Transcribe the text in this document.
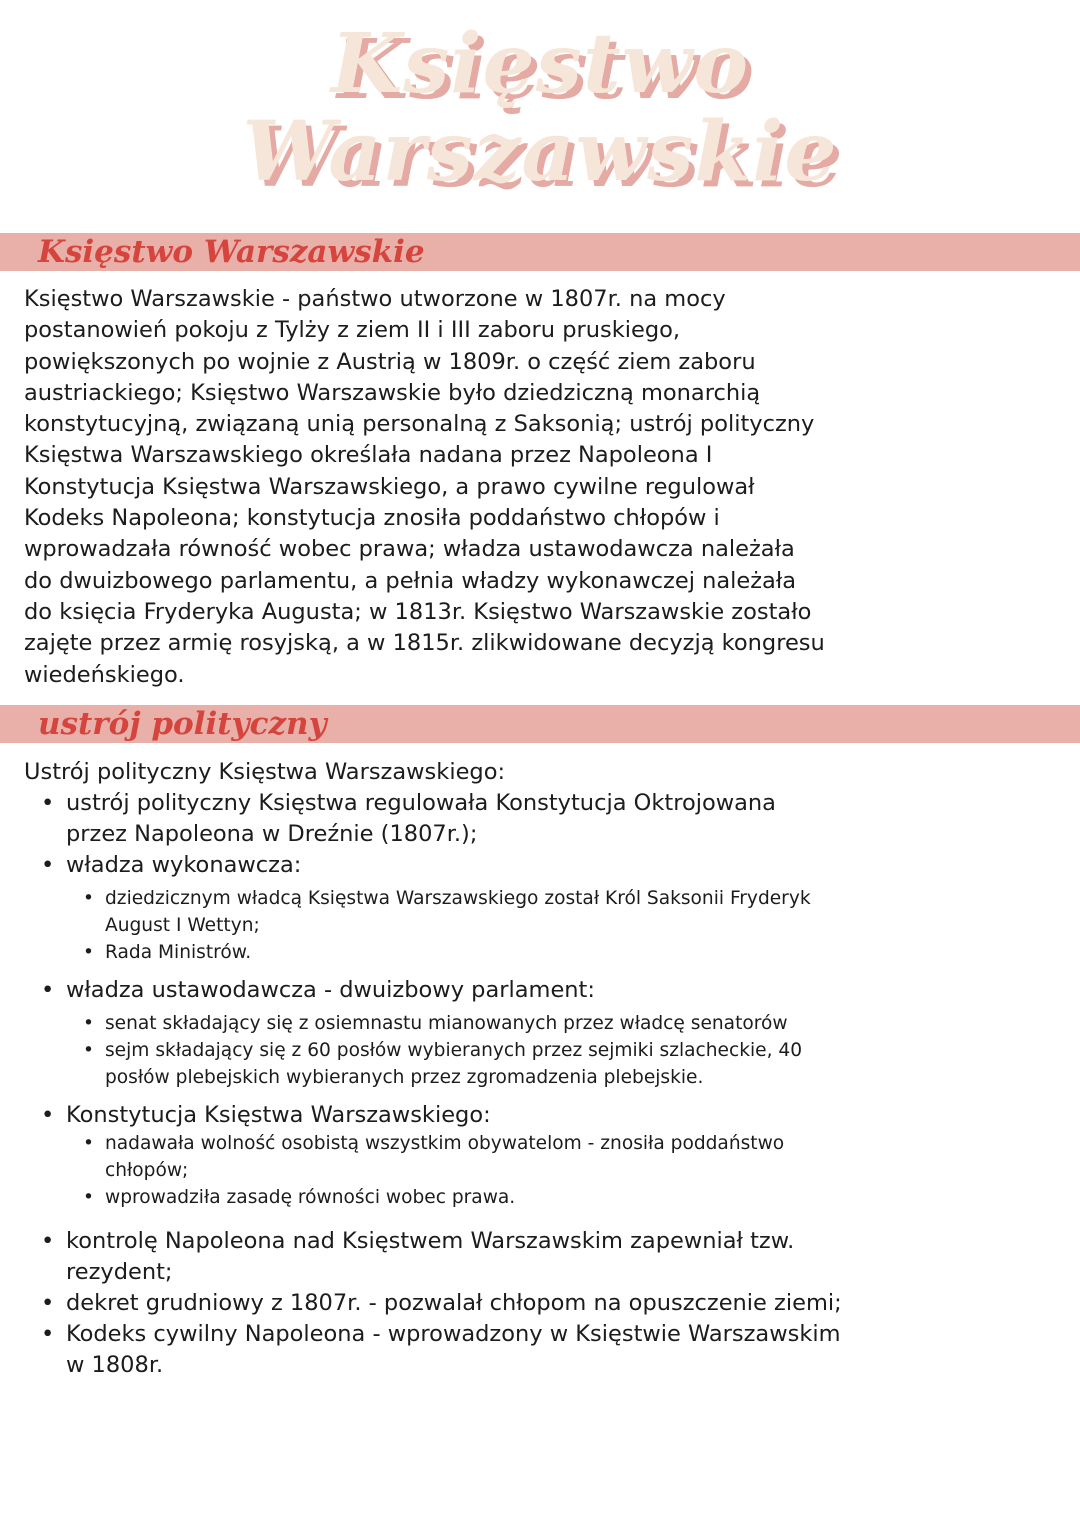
Księstwo
Warszawskie
Księstwo Warszawskie
Księstwo Warszawskie - państwo utworzone w 1807r. na mocy
postanowień pokoju z Tylży z ziem II i III zaboru pruskiego,
powiększonych po wojnie z Austrią w 1809r. o część ziem zaboru
austriackiego; Księstwo Warszawskie było dziedziczną monarchią
konstytucyjną, związaną unią personalną z Saksonią; ustrój polityczny
Księstwa Warszawskiego określała nadana przez Napoleona I
Konstytucja Księstwa Warszawskiego, a prawo cywilne regulował
Kodeks Napoleona; konstytucja znosiła poddaństwo chłopów i
wprowadzała równość wobec prawa; władza ustawodawcza należała
do dwuizbowego parlamentu, a pełnia władzy wykonawczej należała
do księcia Fryderyka Augusta; w 1813r. Księstwo Warszawskie zostało
zajęte przez armię rosyjską, a w 1815r. zlikwidowane decyzją kongresu
wiedeńskiego.
ustrój polityczny

Ustrój polityczny Księstwa Warszawskiego:

• ustrój polityczny Księstwa regulowała Konstytucja Oktrojowana
przez Napoleona w Dreźnie (1807r.);
• władza wykonawcza:
• dziedzicznym władcą Księstwa Warszawskiego został Król Saksonii Fryderyk
August I Wettyn;
• Rada Ministrów.
• władza ustawodawcza - dwuizbowy parlament:
• senat składający się z osiemnastu mianowanych przez władcę senatorów
• sejm składający się z 60 posłów wybieranych przez sejmiki szlacheckie, 40
posłów plebejskich wybieranych przez zgromadzenia plebejskie.
• Konstytucja Księstwa Warszawskiego:
• nadawała wolność osobistą wszystkim obywatelom - znosiła poddaństwo
chłopów;
• wprowadziła zasadę równości wobec prawa.
• kontrolę Napoleona nad Księstwem Warszawskim zapewniał tzw.
rezydent;
• dekret grudniowy z 1807r. - pozwalał chłopom na opuszczenie ziemi;
• Kodeks cywilny Napoleona - wprowadzony w Księstwie Warszawskim
w 1808r.
